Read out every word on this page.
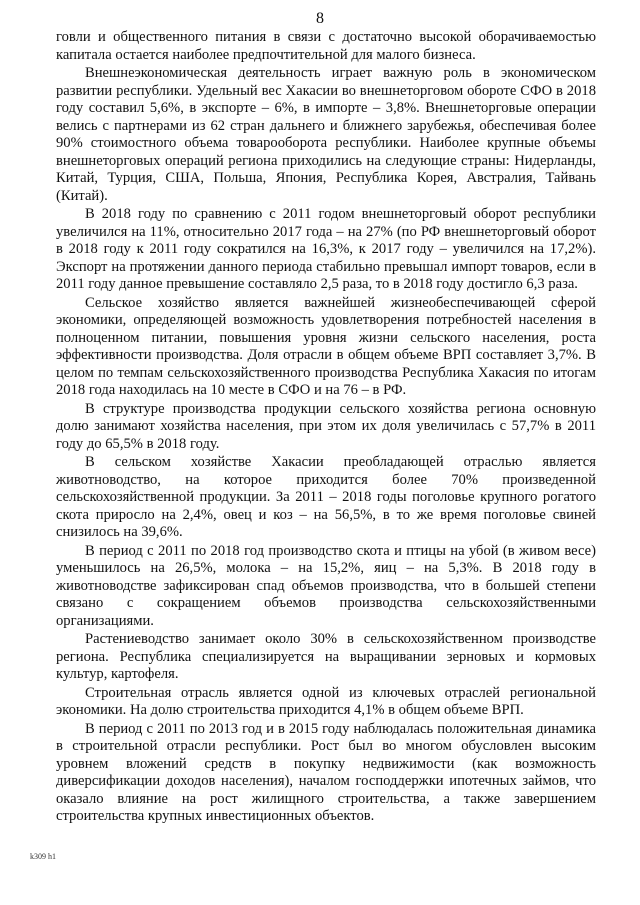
8

говли и общественного питания в связи с достаточно высокой оборачиваемостью капитала остается наиболее предпочтительной для малого бизнеса.

Внешнеэкономическая деятельность играет важную роль в экономическом развитии республики. Удельный вес Хакасии во внешнеторговом обороте СФО в 2018 году составил 5,6%, в экспорте – 6%, в импорте – 3,8%. Внешнеторговые операции велись с партнерами из 62 стран дальнего и ближнего зарубежья, обеспечивая более 90% стоимостного объема товарооборота республики. Наиболее крупные объемы внешнеторговых операций региона приходились на следующие страны: Нидерланды, Китай, Турция, США, Польша, Япония, Республика Корея, Австралия, Тайвань (Китай).

В 2018 году по сравнению с 2011 годом внешнеторговый оборот республики увеличился на 11%, относительно 2017 года – на 27% (по РФ внешнеторговый оборот в 2018 году к 2011 году сократился на 16,3%, к 2017 году – увеличился на 17,2%). Экспорт на протяжении данного периода стабильно превышал импорт товаров, если в 2011 году данное превышение составляло 2,5 раза, то в 2018 году достигло 6,3 раза.

Сельское хозяйство является важнейшей жизнеобеспечивающей сферой экономики, определяющей возможность удовлетворения потребностей населения в полноценном питании, повышения уровня жизни сельского населения, роста эффективности производства. Доля отрасли в общем объеме ВРП составляет 3,7%. В целом по темпам сельскохозяйственного производства Республика Хакасия по итогам 2018 года находилась на 10 месте в СФО и на 76 – в РФ.

В структуре производства продукции сельского хозяйства региона основную долю занимают хозяйства населения, при этом их доля увеличилась с 57,7% в 2011 году до 65,5% в 2018 году.

В сельском хозяйстве Хакасии преобладающей отраслью является животноводство, на которое приходится более 70% произведенной сельскохозяйственной продукции. За 2011 – 2018 годы поголовье крупного рогатого скота приросло на 2,4%, овец и коз – на 56,5%, в то же время поголовье свиней снизилось на 39,6%.

В период с 2011 по 2018 год производство скота и птицы на убой (в живом весе) уменьшилось на 26,5%, молока – на 15,2%, яиц – на 5,3%. В 2018 году в животноводстве зафиксирован спад объемов производства, что в большей степени связано с сокращением объемов производства сельскохозяйственными организациями.

Растениеводство занимает около 30% в сельскохозяйственном производстве региона. Республика специализируется на выращивании зерновых и кормовых культур, картофеля.

Строительная отрасль является одной из ключевых отраслей региональной экономики. На долю строительства приходится 4,1% в общем объеме ВРП.

В период с 2011 по 2013 год и в 2015 году наблюдалась положительная динамика в строительной отрасли республики. Рост был во многом обусловлен высоким уровнем вложений средств в покупку недвижимости (как возможность диверсификации доходов населения), началом господдержки ипотечных займов, что оказало влияние на рост жилищного строительства, а также завершением строительства крупных инвестиционных объектов.

k309 h1
